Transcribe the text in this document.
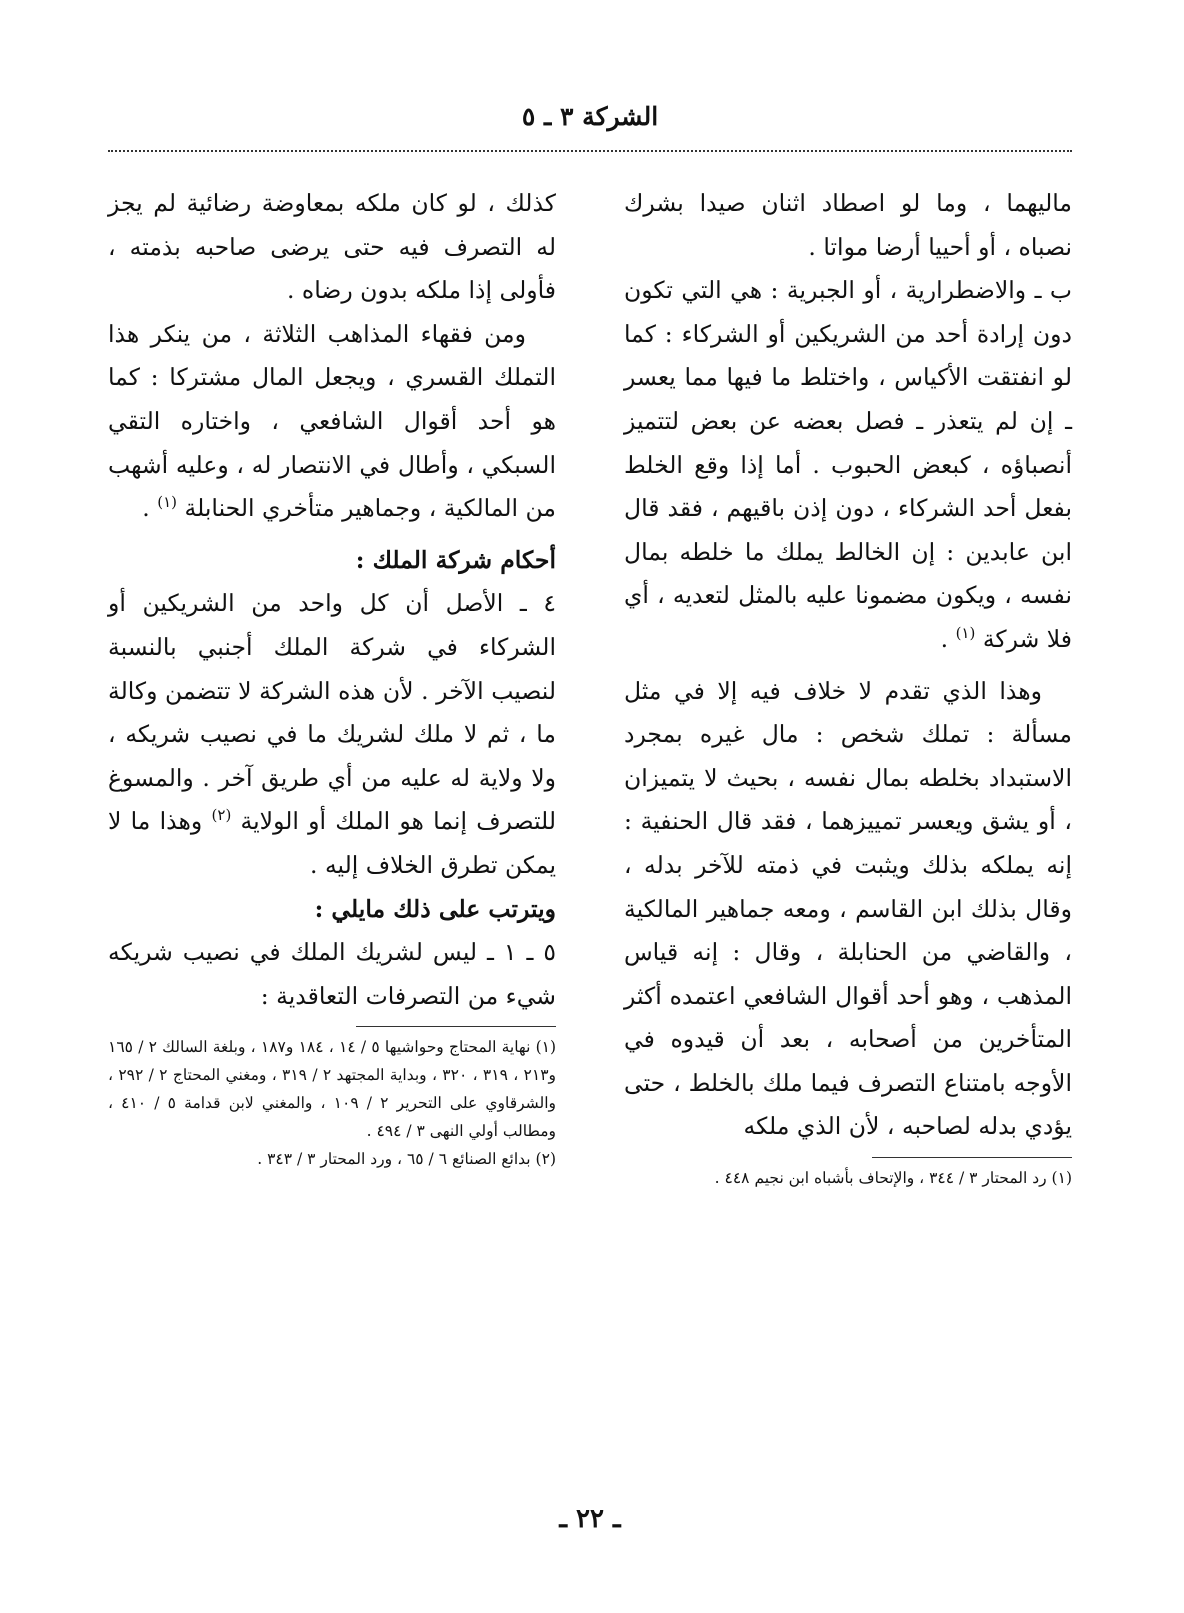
الشركة ٣ ـ ٥

ماليهما ، وما لو اصطاد اثنان صيدا بشرك نصباه ، أو أحييا أرضا مواتا .

ب ـ والاضطرارية ، أو الجبرية : هي التي تكون دون إرادة أحد من الشريكين أو الشركاء : كما لو انفتقت الأكياس ، واختلط ما فيها مما يعسر ـ إن لم يتعذر ـ فصل بعضه عن بعض لتتميز أنصباؤه ، كبعض الحبوب . أما إذا وقع الخلط بفعل أحد الشركاء ، دون إذن باقيهم ، فقد قال ابن عابدين : إن الخالط يملك ما خلطه بمال نفسه ، ويكون مضمونا عليه بالمثل لتعديه ، أي فلا شركة $^{(١)}$ .

وهذا الذي تقدم لا خلاف فيه إلا في مثل مسألة : تملك شخص : مال غيره بمجرد الاستبداد بخلطه بمال نفسه ، بحيث لا يتميزان ، أو يشق ويعسر تمييزهما ، فقد قال الحنفية : إنه يملكه بذلك ويثبت في ذمته للآخر بدله ، وقال بذلك ابن القاسم ، ومعه جماهير المالكية ، والقاضي من الحنابلة ، وقال : إنه قياس المذهب ، وهو أحد أقوال الشافعي اعتمده أكثر المتأخرين من أصحابه ، بعد أن قيدوه في الأوجه بامتناع التصرف فيما ملك بالخلط ، حتى يؤدي بدله لصاحبه ، لأن الذي ملكه

(١) رد المحتار ٣ / ٣٤٤ ، والإتحاف بأشباه ابن نجيم ٤٤٨ .

كذلك ، لو كان ملكه بمعاوضة رضائية لم يجز له التصرف فيه حتى يرضى صاحبه بذمته ، فأولى إذا ملكه بدون رضاه .

ومن فقهاء المذاهب الثلاثة ، من ينكر هذا التملك القسري ، ويجعل المال مشتركا : كما هو أحد أقوال الشافعي ، واختاره التقي السبكي ، وأطال في الانتصار له ، وعليه أشهب من المالكية ، وجماهير متأخري الحنابلة $^{(١)}$ .

أحكام شركة الملك :

٤ ـ الأصل أن كل واحد من الشريكين أو الشركاء في شركة الملك أجنبي بالنسبة لنصيب الآخر . لأن هذه الشركة لا تتضمن وكالة ما ، ثم لا ملك لشريك ما في نصيب شريكه ، ولا ولاية له عليه من أي طريق آخر . والمسوغ للتصرف إنما هو الملك أو الولاية $^{(٢)}$ وهذا ما لا يمكن تطرق الخلاف إليه .

ويترتب على ذلك مايلي :

٥ ـ ١ ـ ليس لشريك الملك في نصيب شريكه شيء من التصرفات التعاقدية :

(١) نهاية المحتاج وحواشيها ٥ / ١٤ ، ١٨٤ و١٨٧ ، وبلغة السالك ٢ / ١٦٥ و٢١٣ ، ٣١٩ ، ٣٢٠ ، وبداية المجتهد ٢ / ٣١٩ ، ومغني المحتاج ٢ / ٢٩٢ ، والشرقاوي على التحرير ٢ / ١٠٩ ، والمغني لابن قدامة ٥ / ٤١٠ ، ومطالب أولي النهى ٣ / ٤٩٤ .

(٢) بدائع الصنائع ٦ / ٦٥ ، ورد المحتار ٣ / ٣٤٣ .

ـ ٢٢ ـ
